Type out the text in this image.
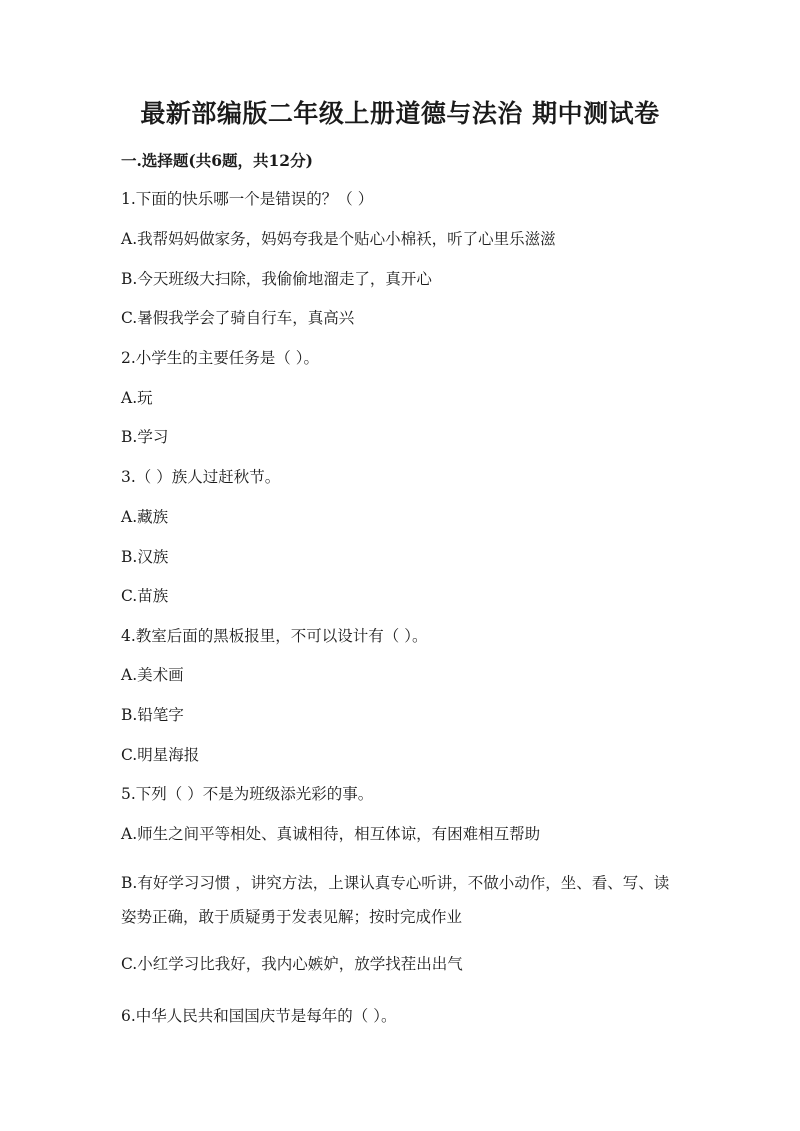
最新部编版二年级上册道德与法治 期中测试卷
一.选择题(共6题，共12分)
1.下面的快乐哪一个是错误的？（ ）
A.我帮妈妈做家务，妈妈夸我是个贴心小棉袄，听了心里乐滋滋
B.今天班级大扫除，我偷偷地溜走了，真开心
C.暑假我学会了骑自行车，真高兴
2.小学生的主要任务是（ ）。
A.玩
B.学习
3.（ ）族人过赶秋节。
A.藏族
B.汉族
C.苗族
4.教室后面的黑板报里，不可以设计有（ ）。
A.美术画
B.铅笔字
C.明星海报
5.下列（ ）不是为班级添光彩的事。
A.师生之间平等相处、真诚相待，相互体谅，有困难相互帮助
B.有好学习习惯 ，讲究方法，上课认真专心听讲，不做小动作，坐、看、写、读姿势正确，敢于质疑勇于发表见解；按时完成作业
C.小红学习比我好，我内心嫉妒，放学找茬出出气
6.中华人民共和国国庆节是每年的（ ）。
